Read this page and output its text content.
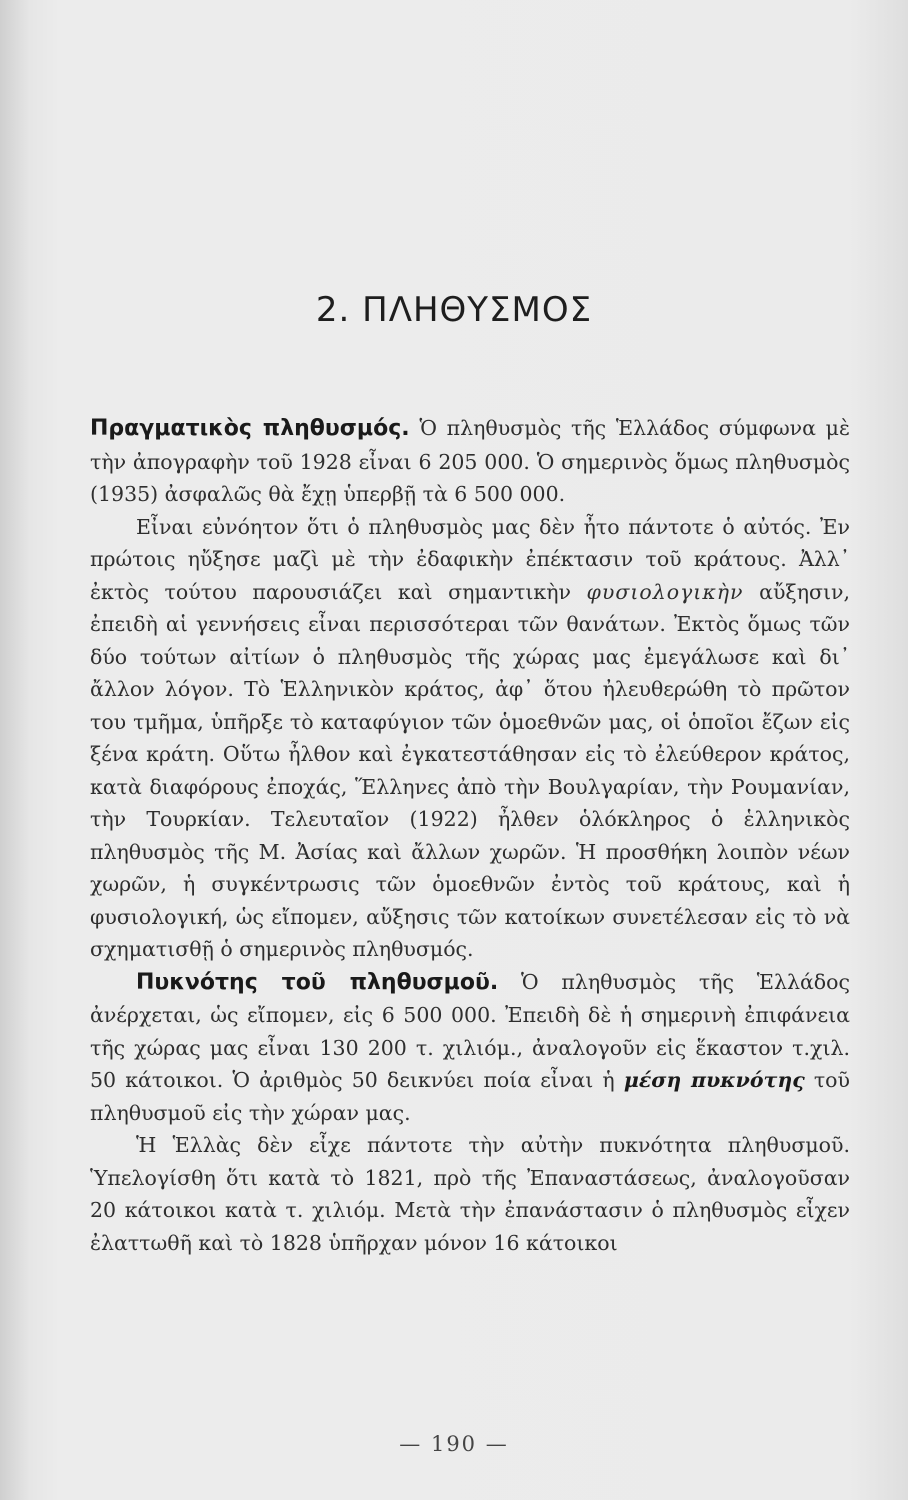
2. ΠΛΗΘΥΣΜΟΣ

Πραγματικὸς πληθυσμός. Ὁ πληθυσμὸς τῆς Ἑλλάδος σύμφωνα μὲ τὴν ἀπογραφὴν τοῦ 1928 εἶναι 6 205 000. Ὁ σημερινὸς ὅμως πληθυσμὸς (1935) ἀσφαλῶς θὰ ἔχῃ ὑπερβῇ τὰ 6 500 000.

Εἶναι εὐνόητον ὅτι ὁ πληθυσμὸς μας δὲν ἦτο πάντοτε ὁ αὐτός. Ἐν πρώτοις ηὔξησε μαζὶ μὲ τὴν ἐδαφικὴν ἐπέκτασιν τοῦ κράτους. Ἀλλ᾽ ἐκτὸς τούτου παρουσιάζει καὶ σημαντικὴν φυσιολογικὴν αὔξησιν, ἐπειδὴ αἱ γεννήσεις εἶναι περισσότεραι τῶν θανάτων. Ἐκτὸς ὅμως τῶν δύο τούτων αἰτίων ὁ πληθυσμὸς τῆς χώρας μας ἐμεγάλωσε καὶ δι᾽ ἄλλον λόγον. Τὸ Ἑλληνικὸν κράτος, ἀφ᾽ ὅτου ἠλευθερώθη τὸ πρῶτον του τμῆμα, ὑπῆρξε τὸ καταφύγιον τῶν ὁμοεθνῶν μας, οἱ ὁποῖοι ἔζων εἰς ξένα κράτη. Οὕτω ἦλθον καὶ ἐγκατεστάθησαν εἰς τὸ ἐλεύθερον κράτος, κατὰ διαφόρους ἐποχάς, Ἕλληνες ἀπὸ τὴν Βουλγαρίαν, τὴν Ρουμανίαν, τὴν Τουρκίαν. Τελευταῖον (1922) ἦλθεν ὁλόκληρος ὁ ἑλληνικὸς πληθυσμὸς τῆς Μ. Ἀσίας καὶ ἄλλων χωρῶν. Ἡ προσθήκη λοιπὸν νέων χωρῶν, ἡ συγκέντρωσις τῶν ὁμοεθνῶν ἐντὸς τοῦ κράτους, καὶ ἡ φυσιολογική, ὡς εἴπομεν, αὔξησις τῶν κατοίκων συνετέλεσαν εἰς τὸ νὰ σχηματισθῇ ὁ σημερινὸς πληθυσμός.

Πυκνότης τοῦ πληθυσμοῦ. Ὁ πληθυσμὸς τῆς Ἑλλάδος ἀνέρχεται, ὡς εἴπομεν, εἰς 6 500 000. Ἐπειδὴ δὲ ἡ σημερινὴ ἐπιφάνεια τῆς χώρας μας εἶναι 130 200 τ. χιλιόμ., ἀναλογοῦν εἰς ἕκαστον τ.χιλ. 50 κάτοικοι. Ὁ ἀριθμὸς 50 δεικνύει ποία εἶναι ἡ μέση πυκνότης τοῦ πληθυσμοῦ εἰς τὴν χώραν μας.

Ἡ Ἑλλὰς δὲν εἶχε πάντοτε τὴν αὐτὴν πυκνότητα πληθυσμοῦ. Ὑπελογίσθη ὅτι κατὰ τὸ 1821, πρὸ τῆς Ἐπαναστάσεως, ἀναλογοῦσαν 20 κάτοικοι κατὰ τ. χιλιόμ. Μετὰ τὴν ἐπανάστασιν ὁ πληθυσμὸς εἶχεν ἐλαττωθῆ καὶ τὸ 1828 ὑπῆρχαν μόνον 16 κάτοικοι

— 190 —
